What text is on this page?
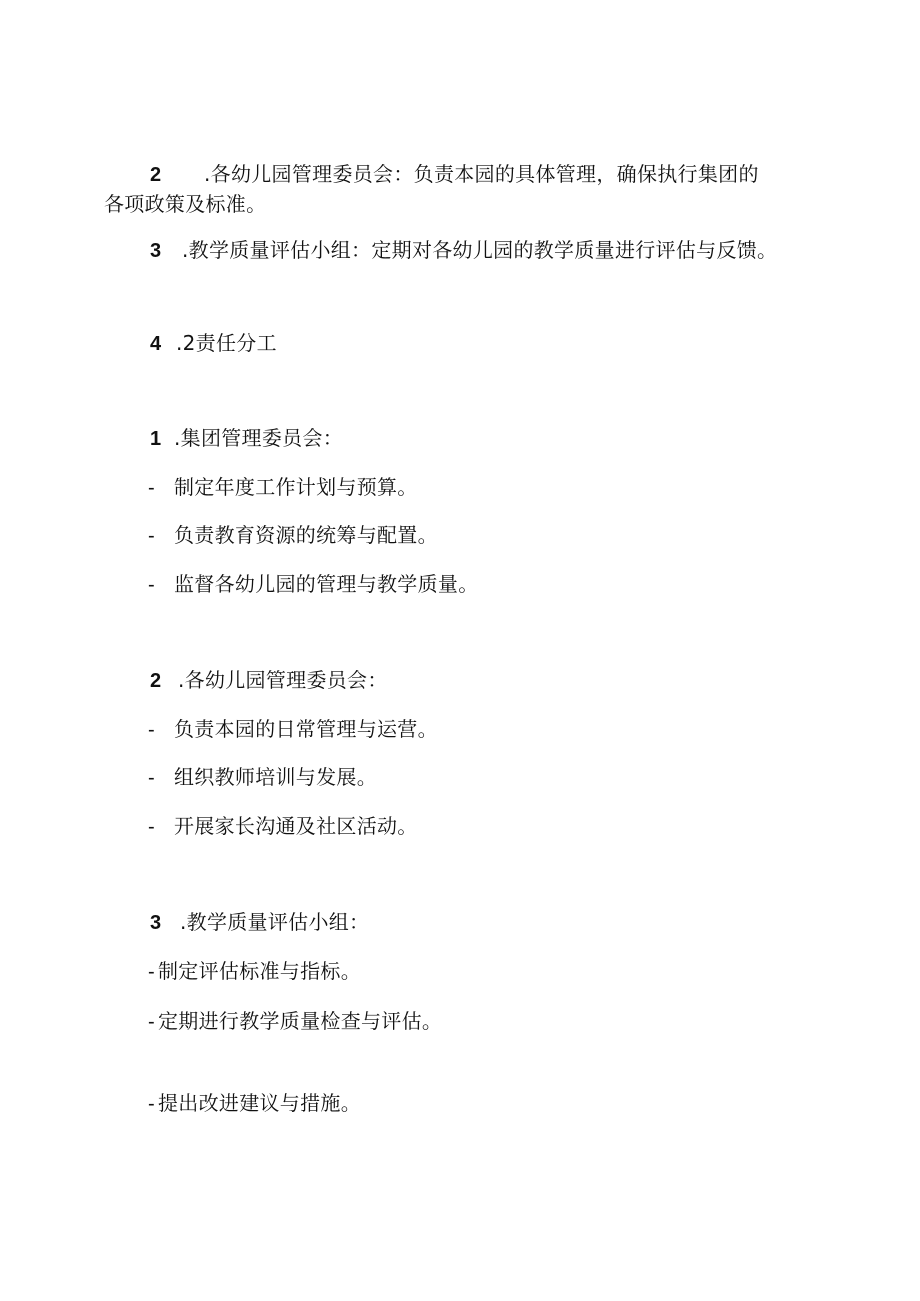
2 .各幼儿园管理委员会：负责本园的具体管理，确保执行集团的
各项政策及标准。
3 .教学质量评估小组：定期对各幼儿园的教学质量进行评估与反馈。
4 .2责任分工
1 .集团管理委员会：
- 制定年度工作计划与预算。
- 负责教育资源的统筹与配置。
- 监督各幼儿园的管理与教学质量。
2 .各幼儿园管理委员会：
- 负责本园的日常管理与运营。
- 组织教师培训与发展。
- 开展家长沟通及社区活动。
3 .教学质量评估小组：
- 制定评估标准与指标。
- 定期进行教学质量检查与评估。
- 提出改进建议与措施。
